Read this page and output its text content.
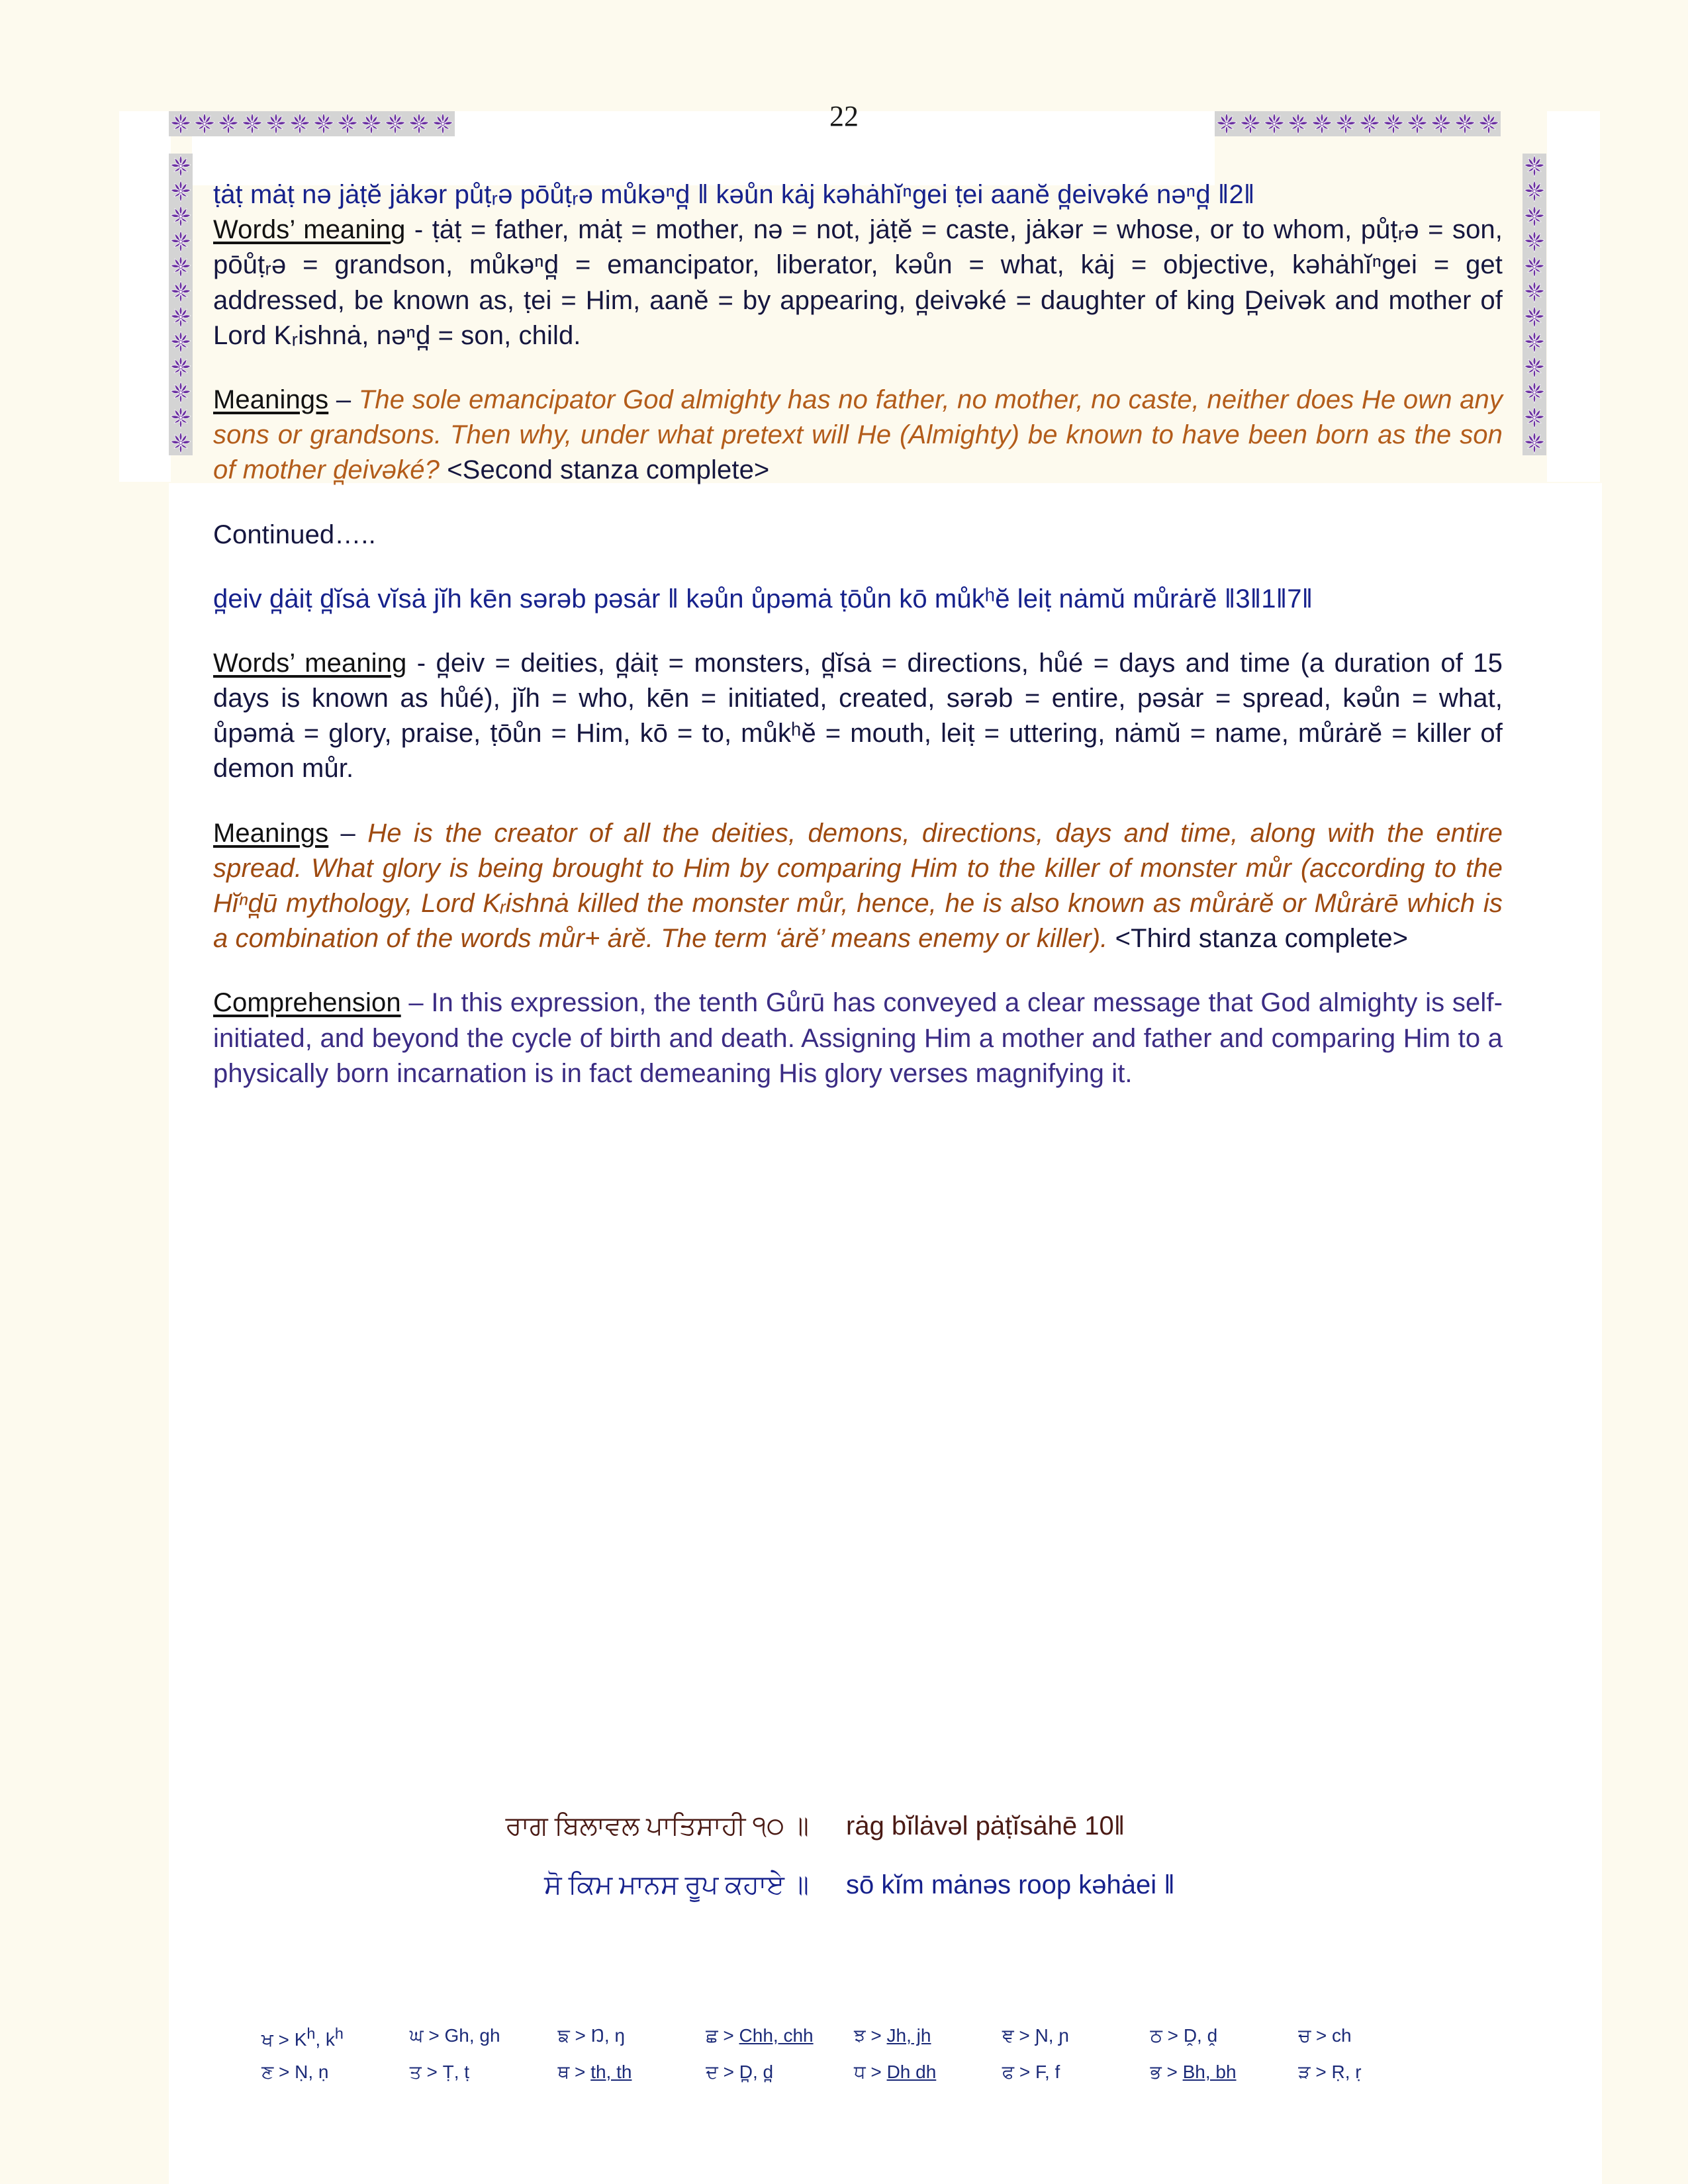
22

ṭȧṭ mȧṭ nə jȧṭĕ jȧkər půṭ‌ᵣə pōůṭ‌ᵣə můkəⁿd̪ ǁ kəůn kȧj kəhȧhĭⁿgei ṭei aanĕ d̪eivəké nəⁿd̪ ǁ2ǁ

Words’ meaning - ṭȧṭ = father, mȧṭ = mother, nə = not, jȧṭĕ = caste, jȧkər = whose, or to whom, půṭᵣə = son, pōůṭᵣə = grandson, můkəⁿd̪ = emancipator, liberator, kəůn = what, kȧj = objective, kəhȧhĭⁿgei = get addressed, be known as, ṭei = Him, aanĕ = by appearing, d̪eivəké = daughter of king D̪eivək and mother of Lord Kᵣishnȧ, nəⁿd̪ = son, child.

Meanings – The sole emancipator God almighty has no father, no mother, no caste, neither does He own any sons or grandsons. Then why, under what pretext will He (Almighty) be known to have been born as the son of mother d̪eivəké? <Second stanza complete>

Continued…..

d̪eiv d̪ȧiṭ d̪ĭsȧ vĭsȧ jĭh kēn sərəb pəsȧr ǁ kəůn ůpəmȧ ṭōůn kō můkʰĕ leiṭ nȧmŭ můrȧrĕ ǁ3ǁ1ǁ7ǁ

Words’ meaning - d̪eiv = deities, d̪ȧiṭ = monsters, d̪ĭsȧ = directions, hůé = days and time (a duration of 15 days is known as hůé), jĭh = who, kēn = initiated, created, sərəb = entire, pəsȧr = spread, kəůn = what, ůpəmȧ = glory, praise, ṭōůn = Him, kō = to, můkʰĕ = mouth, leiṭ = uttering, nȧmŭ = name, můrȧrĕ = killer of demon můr.

Meanings – He is the creator of all the deities, demons, directions, days and time, along with the entire spread. What glory is being brought to Him by comparing Him to the killer of monster můr (according to the Hĭⁿd̪ū mythology, Lord Kᵣishnȧ killed the monster můr, hence, he is also known as můrȧrĕ or Můrȧrē which is a combination of the words můr+ ȧrĕ. The term ‘ȧrĕ’ means enemy or killer). <Third stanza complete>

Comprehension – In this expression, the tenth Gůrū has conveyed a clear message that God almighty is self-initiated, and beyond the cycle of birth and death. Assigning Him a mother and father and comparing Him to a physically born incarnation is in fact demeaning His glory verses magnifying it.

ਰਾਗ ਬਿਲਾਵਲ ਪਾਤਿਸਾਹੀ ੧੦ ॥	rȧg bĭlȧvəl pȧṭĭsȧhē 10ǁ
ਸੋ ਕਿਮ ਮਾਨਸ ਰੂਪ ਕਹਾਏ ॥	sō kĭm mȧnəs roop kəhȧei ǁ
ਖ > $K^h$, $k^h$	ਘ > Gh, gh	ਙ > Ŋ, ŋ	ਛ > Chh, chh	ਝ > Jh, jh	ਞ > Ɲ, ɲ	ਠ > Ḓ, ḓ	ਚ > ch
ਣ > Ṇ, ṇ	ਤ > Ṭ, ṭ	ਥ > th, th	ਦ > D̪, d̪	ਧ > Dh dh	ਫ > F, f	ਭ > Bh, bh	ੜ > Ṛ, ṛ
